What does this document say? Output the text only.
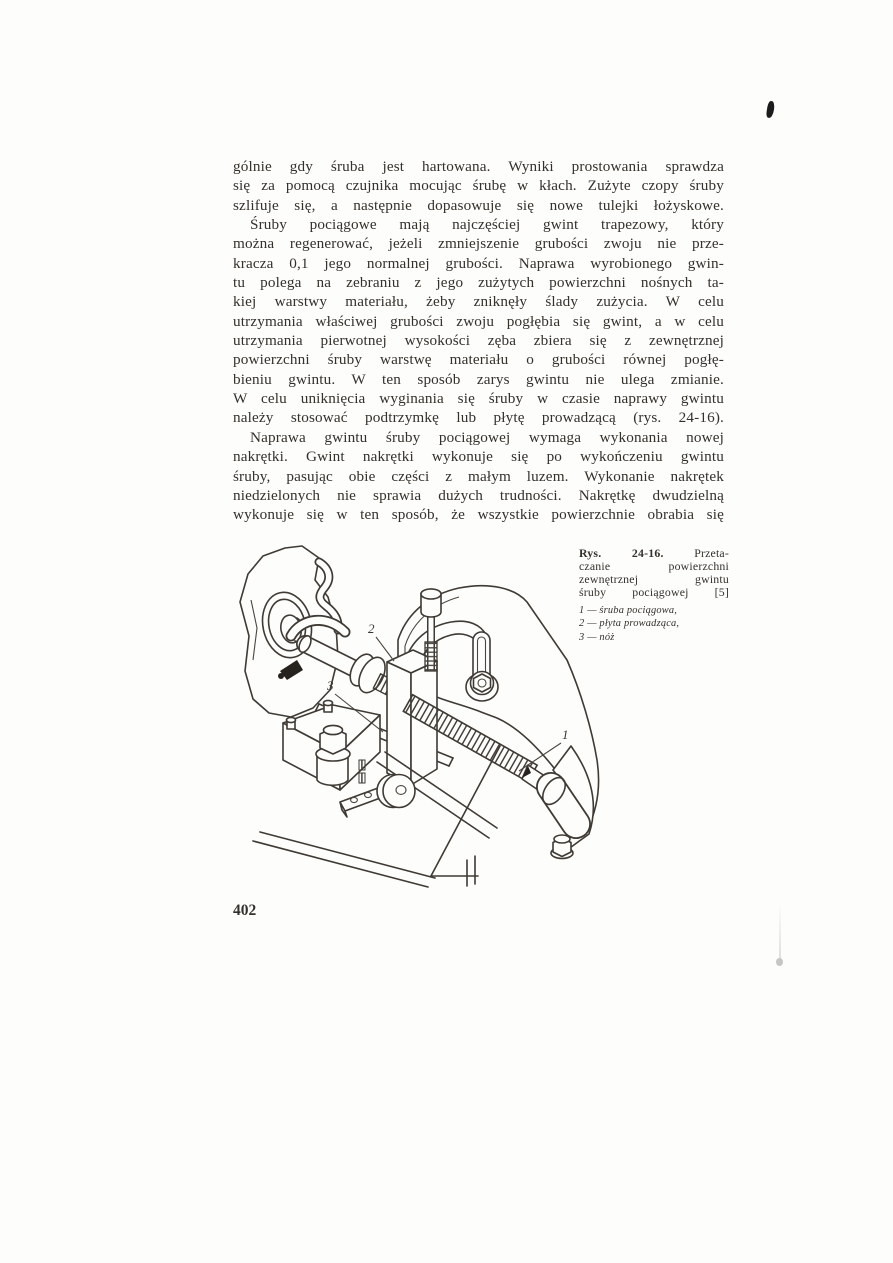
gólnie gdy śruba jest hartowana. Wyniki prostowania sprawdza
się za pomocą czujnika mocując śrubę w kłach. Zużyte czopy śruby
szlifuje się, a następnie dopasowuje się nowe tulejki łożyskowe.
Śruby pociągowe mają najczęściej gwint trapezowy, który
można regenerować, jeżeli zmniejszenie grubości zwoju nie prze-
kracza 0,1 jego normalnej grubości. Naprawa wyrobionego gwin-
tu polega na zebraniu z jego zużytych powierzchni nośnych ta-
kiej warstwy materiału, żeby zniknęły ślady zużycia. W celu
utrzymania właściwej grubości zwoju pogłębia się gwint, a w celu
utrzymania pierwotnej wysokości zęba zbiera się z zewnętrznej
powierzchni śruby warstwę materiału o grubości równej pogłę-
bieniu gwintu. W ten sposób zarys gwintu nie ulega zmianie.
W celu uniknięcia wyginania się śruby w czasie naprawy gwintu
należy stosować podtrzymkę lub płytę prowadzącą (rys. 24-16).
Naprawa gwintu śruby pociągowej wymaga wykonania nowej
nakrętki. Gwint nakrętki wykonuje się po wykończeniu gwintu
śruby, pasując obie części z małym luzem. Wykonanie nakrętek
niedzielonych nie sprawia dużych trudności. Nakrętkę dwudzielną
wykonuje się w ten sposób, że wszystkie powierzchnie obrabia się
2
3
1
Rys. 24-16.	Przeta-
czanie powierzchni
zewnętrznej gwintu
śruby pociągowej [5]
1 — śruba pociągowa,
2 — płyta prowadząca,
3 — nóż
402
